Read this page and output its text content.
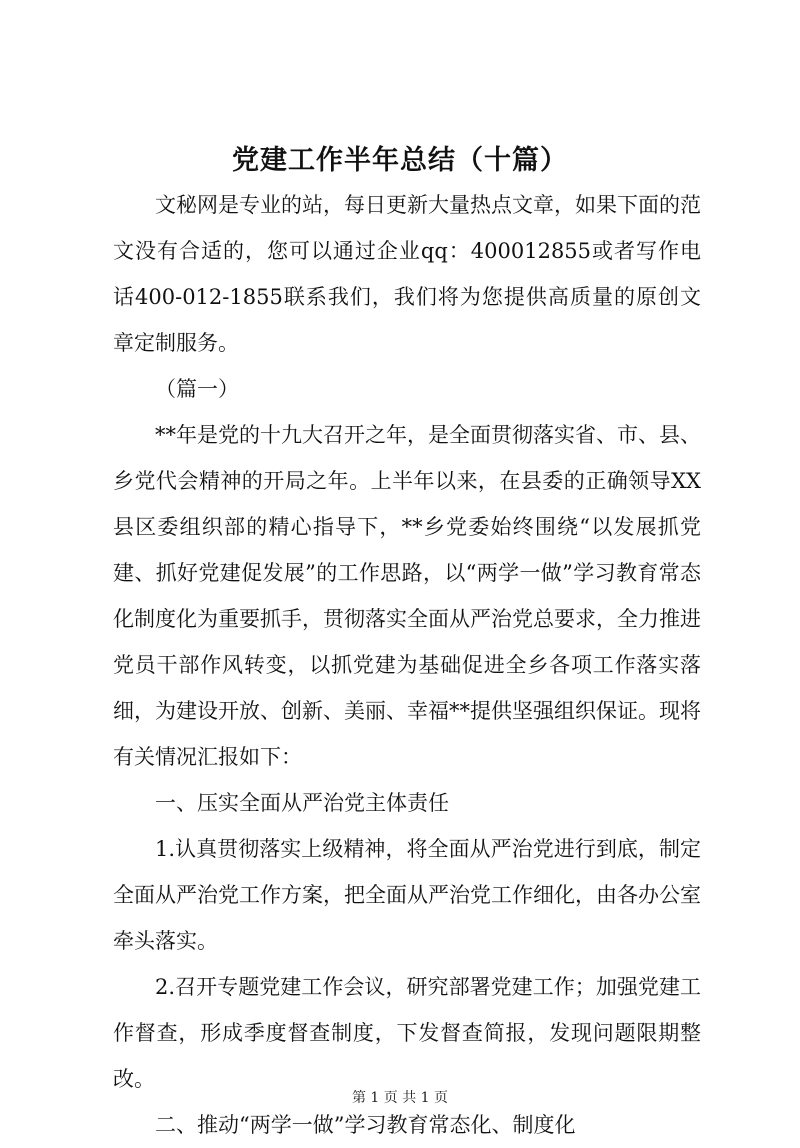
党建工作半年总结（十篇）

文秘网是专业的站，每日更新大量热点文章，如果下面的范文没有合适的，您可以通过企业qq：400012855或者写作电话400-012-1855联系我们，我们将为您提供高质量的原创文章定制服务。

（篇一）

**年是党的十九大召开之年，是全面贯彻落实省、市、县、乡党代会精神的开局之年。上半年以来，在县委的正确领导XX县区委组织部的精心指导下，**乡党委始终围绕“以发展抓党建、抓好党建促发展”的工作思路，以“两学一做”学习教育常态化制度化为重要抓手，贯彻落实全面从严治党总要求，全力推进党员干部作风转变，以抓党建为基础促进全乡各项工作落实落细，为建设开放、创新、美丽、幸福**提供坚强组织保证。现将有关情况汇报如下：

一、压实全面从严治党主体责任

1.认真贯彻落实上级精神，将全面从严治党进行到底，制定全面从严治党工作方案，把全面从严治党工作细化，由各办公室牵头落实。

2.召开专题党建工作会议，研究部署党建工作；加强党建工作督查，形成季度督查制度，下发督查简报，发现问题限期整改。

二、推动“两学一做”学习教育常态化、制度化

第 1 页 共 1 页
